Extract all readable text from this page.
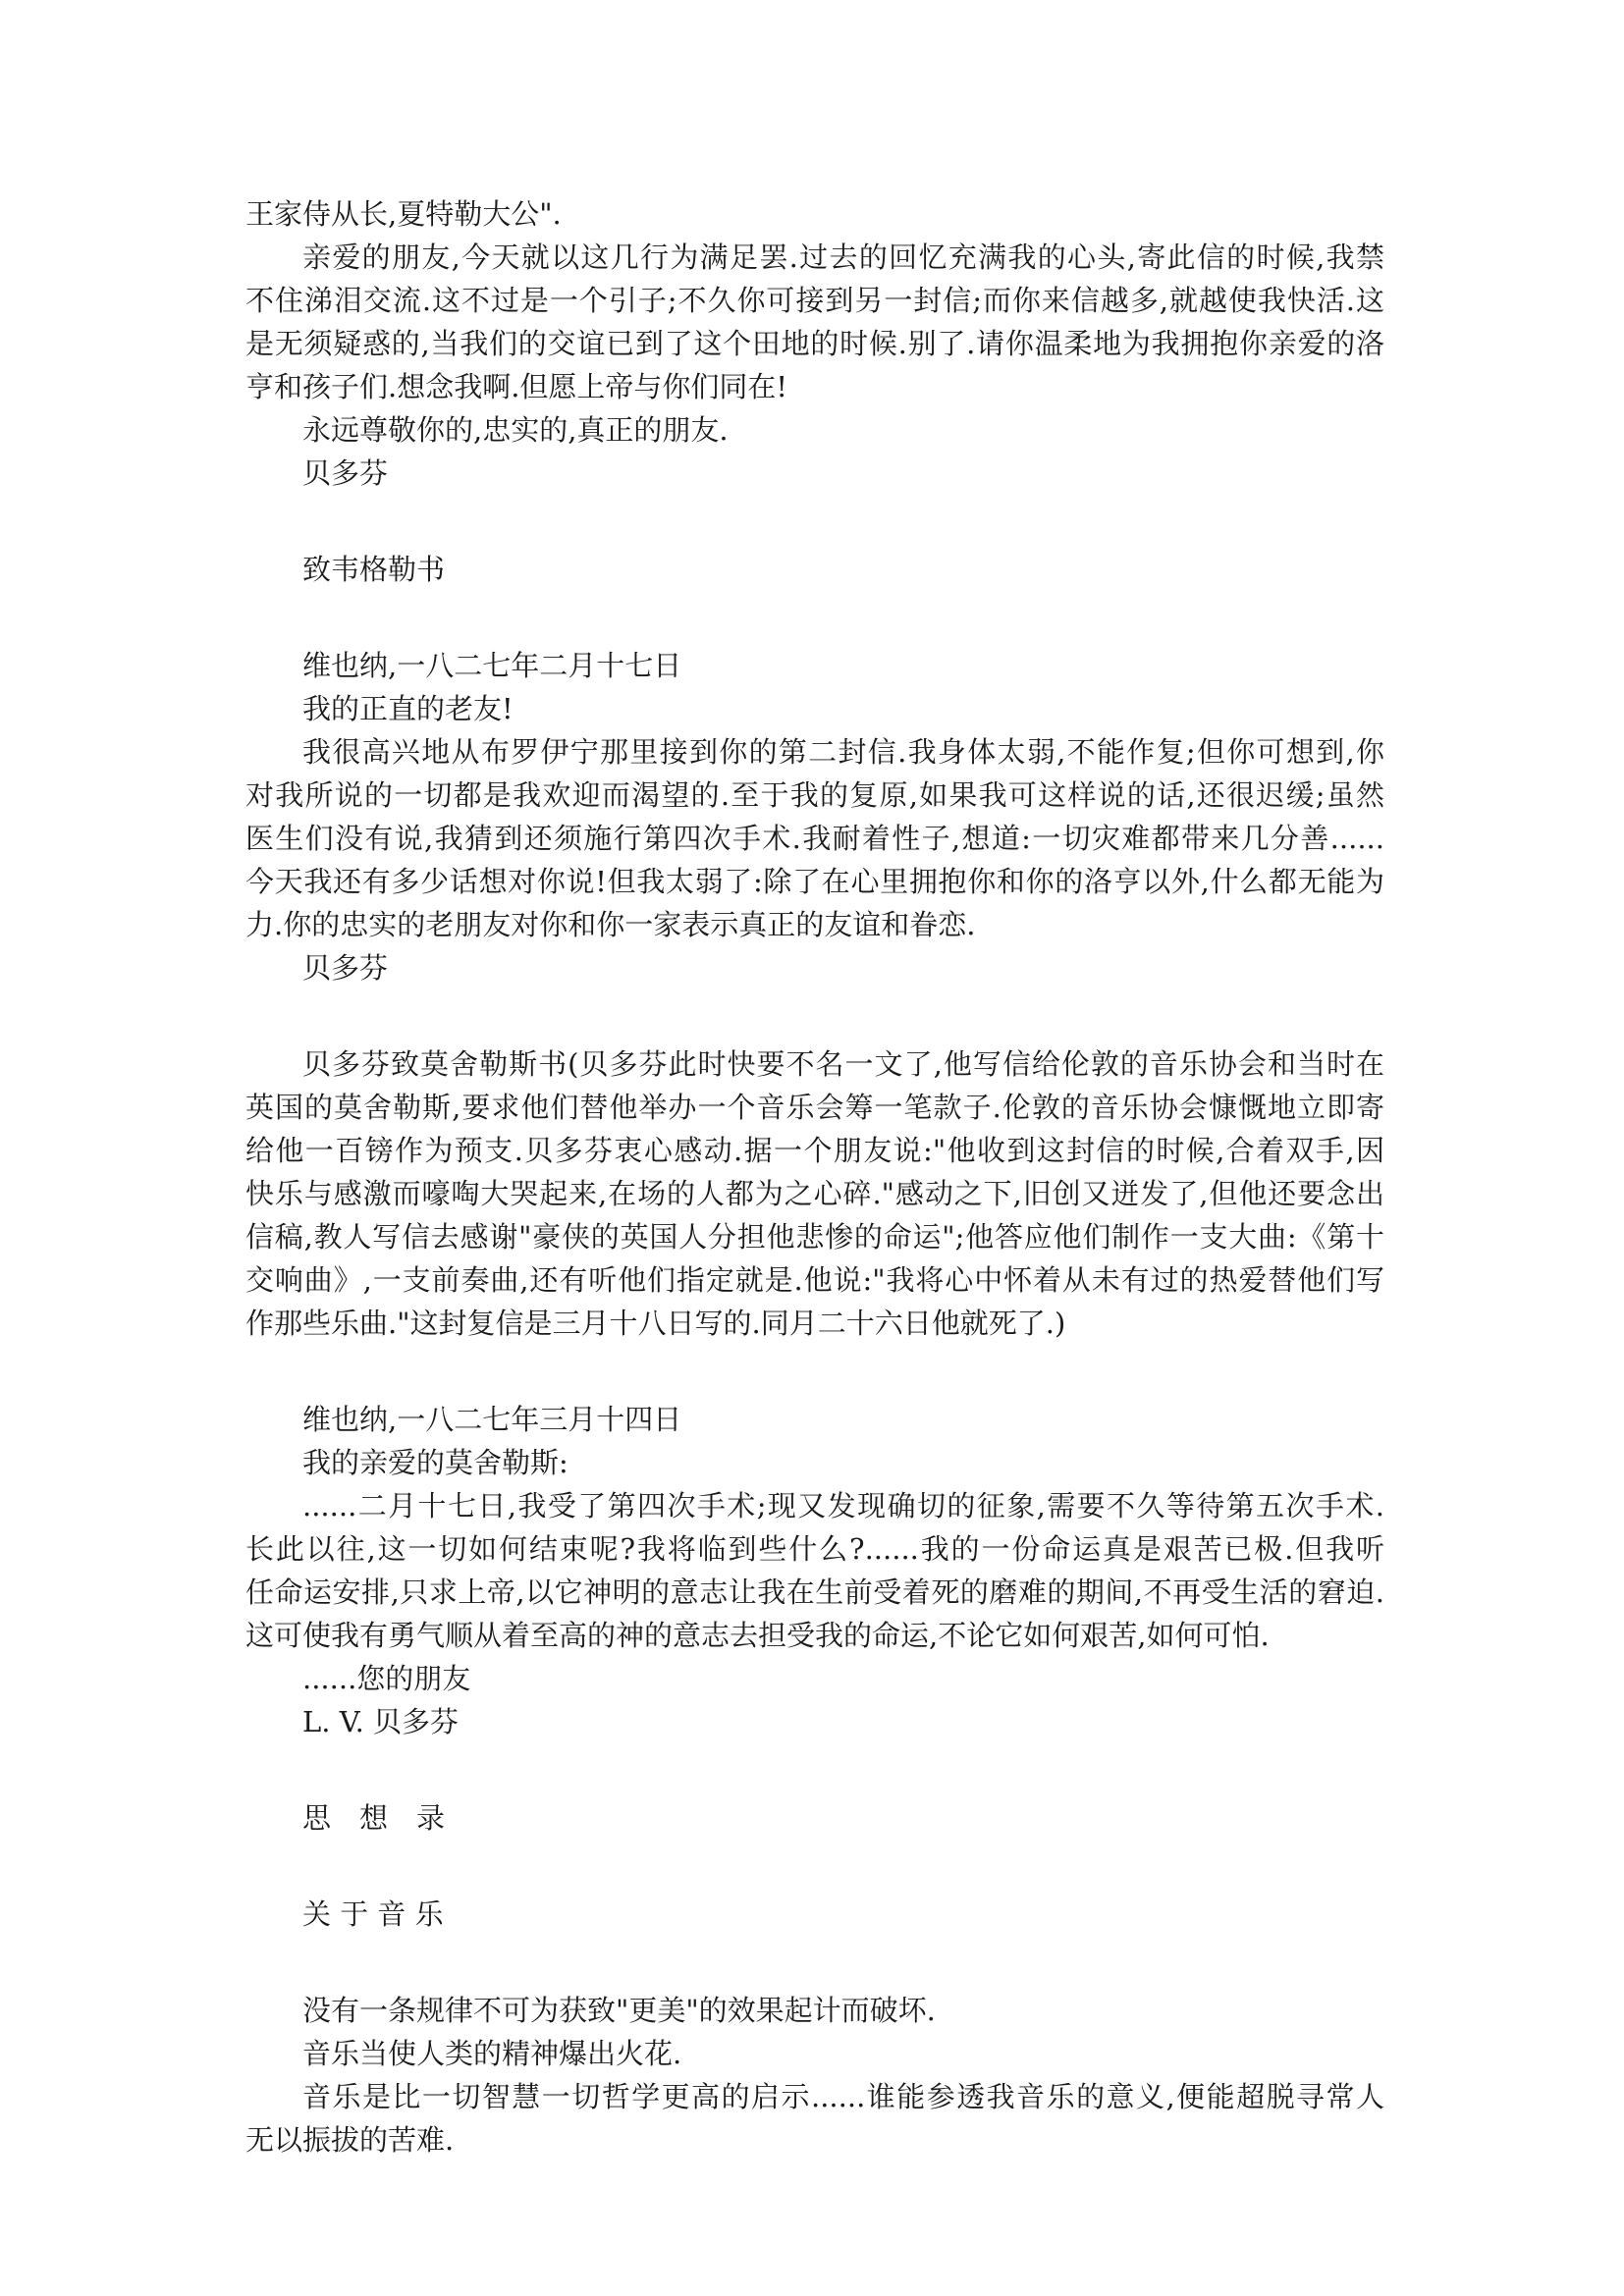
王家侍从长,夏特勒大公".
亲爱的朋友,今天就以这几行为满足罢.过去的回忆充满我的心头,寄此信的时候,我禁
不住涕泪交流.这不过是一个引子;不久你可接到另一封信;而你来信越多,就越使我快活.这
是无须疑惑的,当我们的交谊已到了这个田地的时候.别了.请你温柔地为我拥抱你亲爱的洛
亨和孩子们.想念我啊.但愿上帝与你们同在!
永远尊敬你的,忠实的,真正的朋友.
贝多芬
致韦格勒书
维也纳,一八二七年二月十七日
我的正直的老友!
我很高兴地从布罗伊宁那里接到你的第二封信.我身体太弱,不能作复;但你可想到,你
对我所说的一切都是我欢迎而渴望的.至于我的复原,如果我可这样说的话,还很迟缓;虽然
医生们没有说,我猜到还须施行第四次手术.我耐着性子,想道:一切灾难都带来几分善......
今天我还有多少话想对你说!但我太弱了:除了在心里拥抱你和你的洛亨以外,什么都无能为
力.你的忠实的老朋友对你和你一家表示真正的友谊和眷恋.
贝多芬
贝多芬致莫舍勒斯书(贝多芬此时快要不名一文了,他写信给伦敦的音乐协会和当时在
英国的莫舍勒斯,要求他们替他举办一个音乐会筹一笔款子.伦敦的音乐协会慷慨地立即寄
给他一百镑作为预支.贝多芬衷心感动.据一个朋友说:"他收到这封信的时候,合着双手,因
快乐与感激而嚎啕大哭起来,在场的人都为之心碎."感动之下,旧创又迸发了,但他还要念出
信稿,教人写信去感谢"豪侠的英国人分担他悲惨的命运";他答应他们制作一支大曲:《第十
交响曲》,一支前奏曲,还有听他们指定就是.他说:"我将心中怀着从未有过的热爱替他们写
作那些乐曲."这封复信是三月十八日写的.同月二十六日他就死了.)
维也纳,一八二七年三月十四日
我的亲爱的莫舍勒斯:
......二月十七日,我受了第四次手术;现又发现确切的征象,需要不久等待第五次手术.
长此以往,这一切如何结束呢?我将临到些什么?......我的一份命运真是艰苦已极.但我听
任命运安排,只求上帝,以它神明的意志让我在生前受着死的磨难的期间,不再受生活的窘迫.
这可使我有勇气顺从着至高的神的意志去担受我的命运,不论它如何艰苦,如何可怕.
......您的朋友
L. V. 贝多芬
思　想　录
关 于 音 乐
没有一条规律不可为获致"更美"的效果起计而破坏.
音乐当使人类的精神爆出火花.
音乐是比一切智慧一切哲学更高的启示......谁能参透我音乐的意义,便能超脱寻常人
无以振拔的苦难.
